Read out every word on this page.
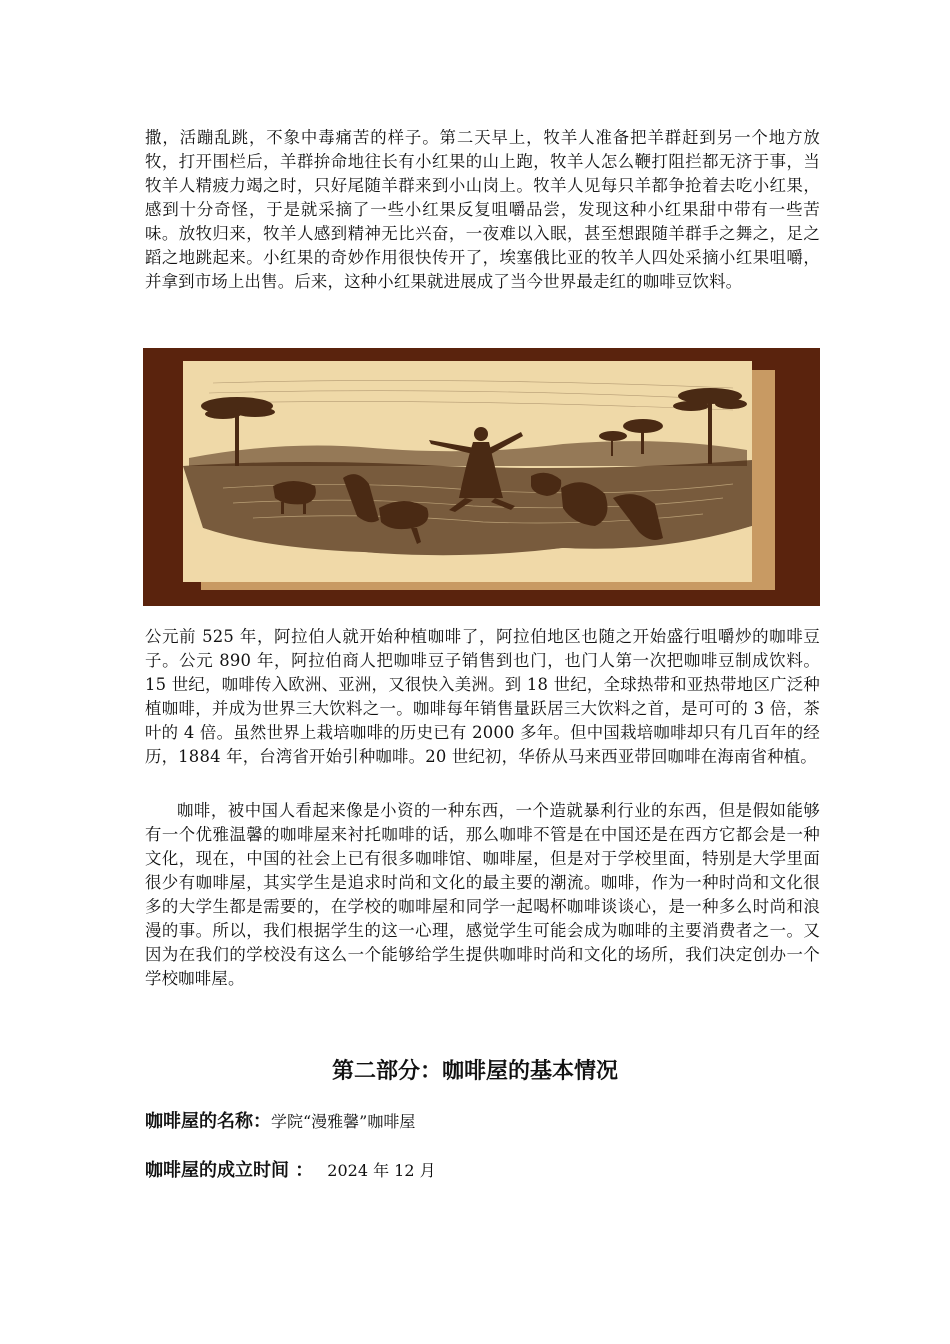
撒，活蹦乱跳，不象中毒痛苦的样子。第二天早上，牧羊人准备把羊群赶到另一个地方放牧，打开围栏后，羊群拚命地往长有小红果的山上跑，牧羊人怎么鞭打阻拦都无济于事，当牧羊人精疲力竭之时，只好尾随羊群来到小山岗上。牧羊人见每只羊都争抢着去吃小红果，感到十分奇怪，于是就采摘了一些小红果反复咀嚼品尝，发现这种小红果甜中带有一些苦味。放牧归来，牧羊人感到精神无比兴奋，一夜难以入眠，甚至想跟随羊群手之舞之，足之蹈之地跳起来。小红果的奇妙作用很快传开了，埃塞俄比亚的牧羊人四处采摘小红果咀嚼，并拿到市场上出售。后来，这种小红果就进展成了当今世界最走红的咖啡豆饮料。

公元前 525 年，阿拉伯人就开始种植咖啡了，阿拉伯地区也随之开始盛行咀嚼炒的咖啡豆子。公元 890 年，阿拉伯商人把咖啡豆子销售到也门，也门人第一次把咖啡豆制成饮料。15 世纪，咖啡传入欧洲、亚洲，又很快入美洲。到 18 世纪，全球热带和亚热带地区广泛种植咖啡，并成为世界三大饮料之一。咖啡每年销售量跃居三大饮料之首，是可可的 3 倍，茶叶的 4 倍。虽然世界上栽培咖啡的历史已有 2000 多年。但中国栽培咖啡却只有几百年的经历，1884 年，台湾省开始引种咖啡。20 世纪初，华侨从马来西亚带回咖啡在海南省种植。

咖啡，被中国人看起来像是小资的一种东西，一个造就暴利行业的东西，但是假如能够有一个优雅温馨的咖啡屋来衬托咖啡的话，那么咖啡不管是在中国还是在西方它都会是一种文化，现在，中国的社会上已有很多咖啡馆、咖啡屋，但是对于学校里面，特别是大学里面很少有咖啡屋，其实学生是追求时尚和文化的最主要的潮流。咖啡，作为一种时尚和文化很多的大学生都是需要的，在学校的咖啡屋和同学一起喝杯咖啡谈谈心，是一种多么时尚和浪漫的事。所以，我们根据学生的这一心理，感觉学生可能会成为咖啡的主要消费者之一。又因为在我们的学校没有这么一个能够给学生提供咖啡时尚和文化的场所，我们决定创办一个学校咖啡屋。

第二部分：咖啡屋的基本情况
咖啡屋的名称：学院“漫雅馨”咖啡屋
咖啡屋的成立时间 ： 2024 年 12 月
